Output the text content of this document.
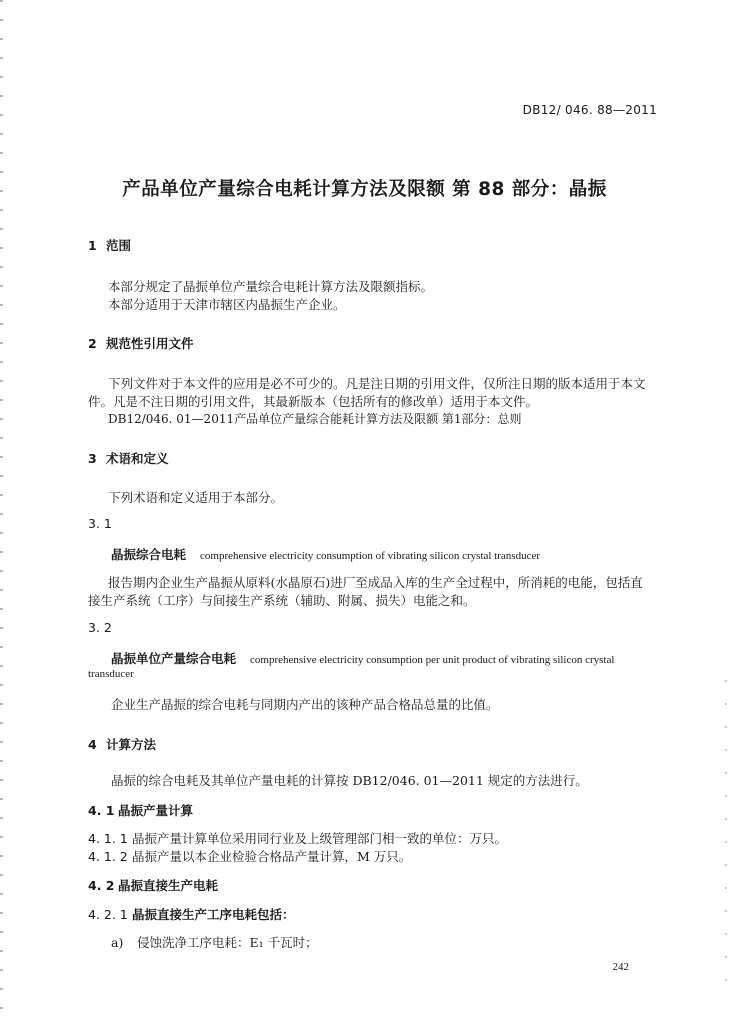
DB12/ 046. 88—2011
产品单位产量综合电耗计算方法及限额 第 88 部分：晶振
1 范围
本部分规定了晶振单位产量综合电耗计算方法及限额指标。
本部分适用于天津市辖区内晶振生产企业。
2 规范性引用文件
下列文件对于本文件的应用是必不可少的。凡是注日期的引用文件，仅所注日期的版本适用于本文
件。凡是不注日期的引用文件，其最新版本（包括所有的修改单）适用于本文件。
DB12/046. 01—2011产品单位产量综合能耗计算方法及限额 第1部分：总则
3 术语和定义
下列术语和定义适用于本部分。
3. 1
晶振综合电耗 comprehensive electricity consumption of vibrating silicon crystal transducer
报告期内企业生产晶振从原料(水晶原石)进厂至成品入库的生产全过程中，所消耗的电能，包括直
接生产系统（工序）与间接生产系统（辅助、附属、损失）电能之和。
3. 2
晶振单位产量综合电耗 comprehensive electricity consumption per unit product of vibrating silicon crystal
transducer
企业生产晶振的综合电耗与同期内产出的该种产品合格品总量的比值。
4 计算方法
晶振的综合电耗及其单位产量电耗的计算按 DB12/046. 01—2011 规定的方法进行。
4. 1 晶振产量计算
4. 1. 1 晶振产量计算单位采用同行业及上级管理部门相一致的单位：万只。
4. 1. 2 晶振产量以本企业检验合格品产量计算，M 万只。
4. 2 晶振直接生产电耗
4. 2. 1 晶振直接生产工序电耗包括：
a) 侵蚀洗净工序电耗：E₁ 千瓦时；
242
